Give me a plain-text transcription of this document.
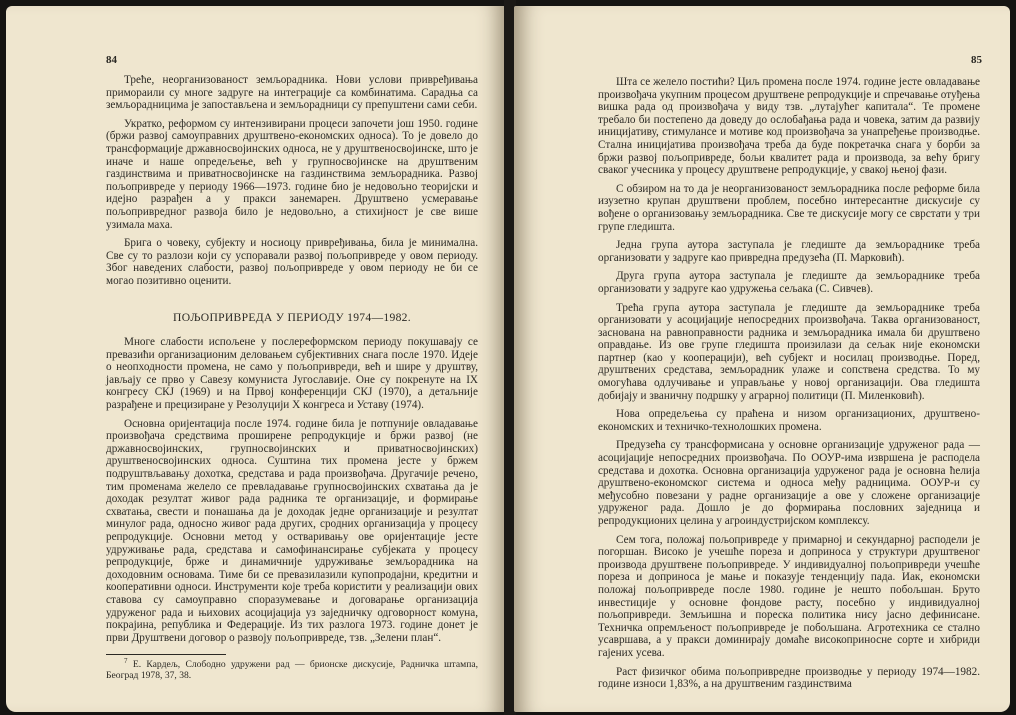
84

Треће, неорганизованост земљорадника. Нови услови привређивања примораили су многе задруге на интеграције са комбинатима. Сарадња са земљорадницима је запостављена и земљорадници су препуштени сами себи.

Укратко, реформом су интензивирани процеси започети још 1950. године (бржи развој самоуправних друштвено-економских односа). То је довело до трансформације државносвојинских односа, не у друштвеносвојинске, што је иначе и наше опредељење, већ у групносвојинске на друштвеним газдинствима и приватносвојинске на газдинствима земљорадника. Развој пољопривреде у периоду 1966—1973. године био је недовољно теоријски и идејно разрађен а у пракси занемарен. Друштвено усмеравање пољопривредног развоја било је недовољно, а стихијност је све више узимала маха.

Брига о човеку, субјекту и носиоцу привређивања, била је минимална. Све су то разлози који су успоравали развој пољопривреде у овом периоду. Због наведених слабости, развој пољопривреде у овом периоду не би се могао позитивно оценити.

ПОЉОПРИВРЕДА У ПЕРИОДУ 1974—1982.

Многе слабости испољене у послереформском периоду покушавају се превазићи организационим деловањем субјективних снага после 1970. Идеје о неопходности промена, не само у пољопривреди, већ и шире у друштву, јављају се прво у Савезу комуниста Југославије. Оне су покренуте на IX конгресу СКЈ (1969) и на Првој конференцији СКЈ (1970), а детаљније разрађене и прецизиране у Резолуцији X конгреса и Уставу (1974).

Основна оријентација после 1974. године била је потпуније овладавање произвођача средствима проширене репродукције и бржи развој (не државносвојинских, групносвојинских и приватносвојинских) друштвеносвојинских односа. Суштина тих промена јесте у бржем подруштвљавању дохотка, средстава и рада произвођача. Другачије речено, тим променама желело се превладавање групносвојинских схватања да је доходак резултат живог рада радника те организације, и формирање схватања, свести и понашања да је доходак једне организације и резултат минулог рада, односно живог рада других, сродних организација у процесу репродукције. Основни метод у остваривању ове оријентације јесте удруживање рада, средстава и самофинансирање субјеката у процесу репродукције, брже и динамичније удруживање земљорадника на доходовним основама. Тиме би се превазилазили купопродајни, кредитни и кооперативни односи. Инструменти које треба користити у реализацији ових ставова су самоуправно споразумевање и договарање организација удруженог рада и њихових асоцијација уз заједничку одговорност комуна, покрајина, република и Федерације. Из тих разлога 1973. године донет је први Друштвени договор о развоју пољопривреде, тзв. „Зелени план“.

$^7$ Е. Кардељ, Слободно удружени рад — брионске дискусије, Радничка штампа, Београд 1978, 37, 38.

85

Шта се желело постићи? Циљ промена после 1974. године јесте овладавање произвођача укупним процесом друштвене репродукције и спречавање отуђења вишка рада од произвођача у виду тзв. „лутајућег капитала“. Те промене требало би постепено да доведу до ослобађања рада и човека, затим да развију иницијативу, стимулансе и мотиве код произвођача за унапређење производње. Стална иницијатива произвођача треба да буде покретачка снага у борби за бржи развој пољопривреде, бољи квалитет рада и производа, за већу бригу сваког учесника у процесу друштвене репродукције, у свакој њеној фази.

С обзиром на то да је неорганизованост земљорадника после реформе била изузетно крупан друштвени проблем, посебно интересантне дискусије су вођене о организовању земљорадника. Све те дискусије могу се сврстати у три групе гледишта.

Једна група аутора заступала је гледиште да земљораднике треба организовати у задруге као привредна предузећа (П. Марковић).

Друга група аутора заступала је гледиште да земљораднике треба организовати у задруге као удружења сељака (С. Сивчев).

Трећа група аутора заступала је гледиште да земљораднике треба организовати у асоцијације непосредних произвођача. Таква организованост, заснована на равноправности радника и земљорадника имала би друштвено оправдање. Из ове групе гледишта произилази да сељак није економски партнер (као у кооперацији), већ субјект и носилац производње. Поред, друштвених средстава, земљорадник улаже и сопствена средства. То му омогућава одлучивање и управљање у новој организацији. Ова гледишта добијају и званичну подршку у аграрној политици (П. Миленковић).

Нова опредељења су праћена и низом организационих, друштвено-економских и техничко-технолошких промена.

Предузећа су трансформисана у основне организације удруженог рада — асоцијације непосредних произвођача. По ООУР-има извршена је расподела средстава и дохотка. Основна организација удруженог рада је основна ћелија друштвено-економског система и односа међу радницима. ООУР-и су међусобно повезани у радне организације а ове у сложене организације удруженог рада. Дошло је до формирања пословних заједница и репродукционих целина у агроиндустријском комплексу.

Сем тога, положај пољопривреде у примарној и секундарној расподели је погоршан. Високо је учешће пореза и доприноса у структури друштвеног производа друштвене пољопривреде. У индивидуалној пољопривреди учешће пореза и доприноса је мање и показује тенденцију пада. Иак, економски положај пољопривреде после 1980. године је нешто побољшан. Бруто инвестиције у основне фондове расту, посебно у индивидуалној пољопривреди. Земљишна и пореска политика нису јасно дефинисане. Техничка опремљеност пољопривреде је побољшана. Агротехника се стално усавршава, а у пракси доминирају домаће високоприносне сорте и хибриди гајених усева.

Раст физичког обима пољопривредне производње у периоду 1974—1982. године износи 1,83%, а на друштвеним газдинствима
